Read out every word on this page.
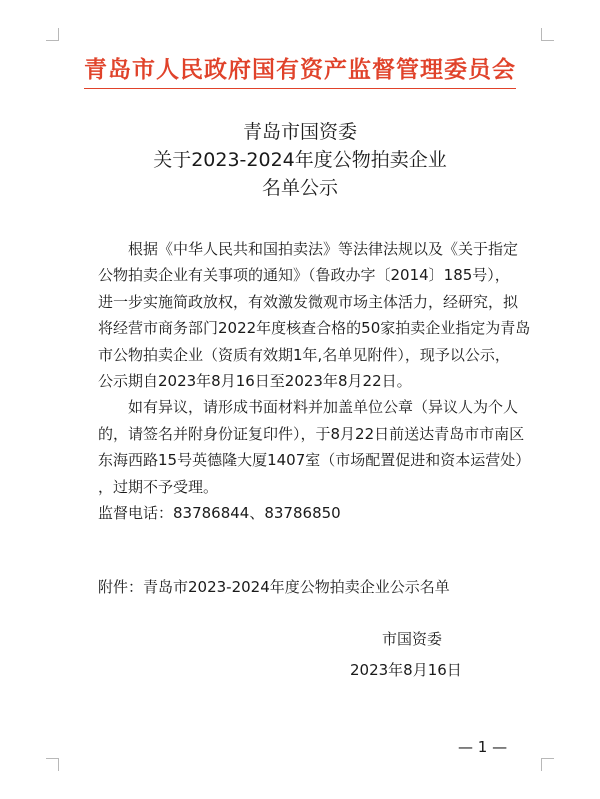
青岛市人民政府国有资产监督管理委员会
青岛市国资委
关于2023-2024年度公物拍卖企业
名单公示
根据《中华人民共和国拍卖法》等法律法规以及《关于指定
公物拍卖企业有关事项的通知》（鲁政办字〔2014〕185号），
进一步实施简政放权，有效激发微观市场主体活力，经研究，拟
将经营市商务部门2022年度核查合格的50家拍卖企业指定为青岛
市公物拍卖企业（资质有效期1年,名单见附件），现予以公示，
公示期自2023年8月16日至2023年8月22日。
如有异议，请形成书面材料并加盖单位公章（异议人为个人
的，请签名并附身份证复印件），于8月22日前送达青岛市市南区
东海西路15号英德隆大厦1407室（市场配置促进和资本运营处）
，过期不予受理。
监督电话：83786844、83786850
附件：青岛市2023-2024年度公物拍卖企业公示名单
市国资委
2023年8月16日
— 1 —
